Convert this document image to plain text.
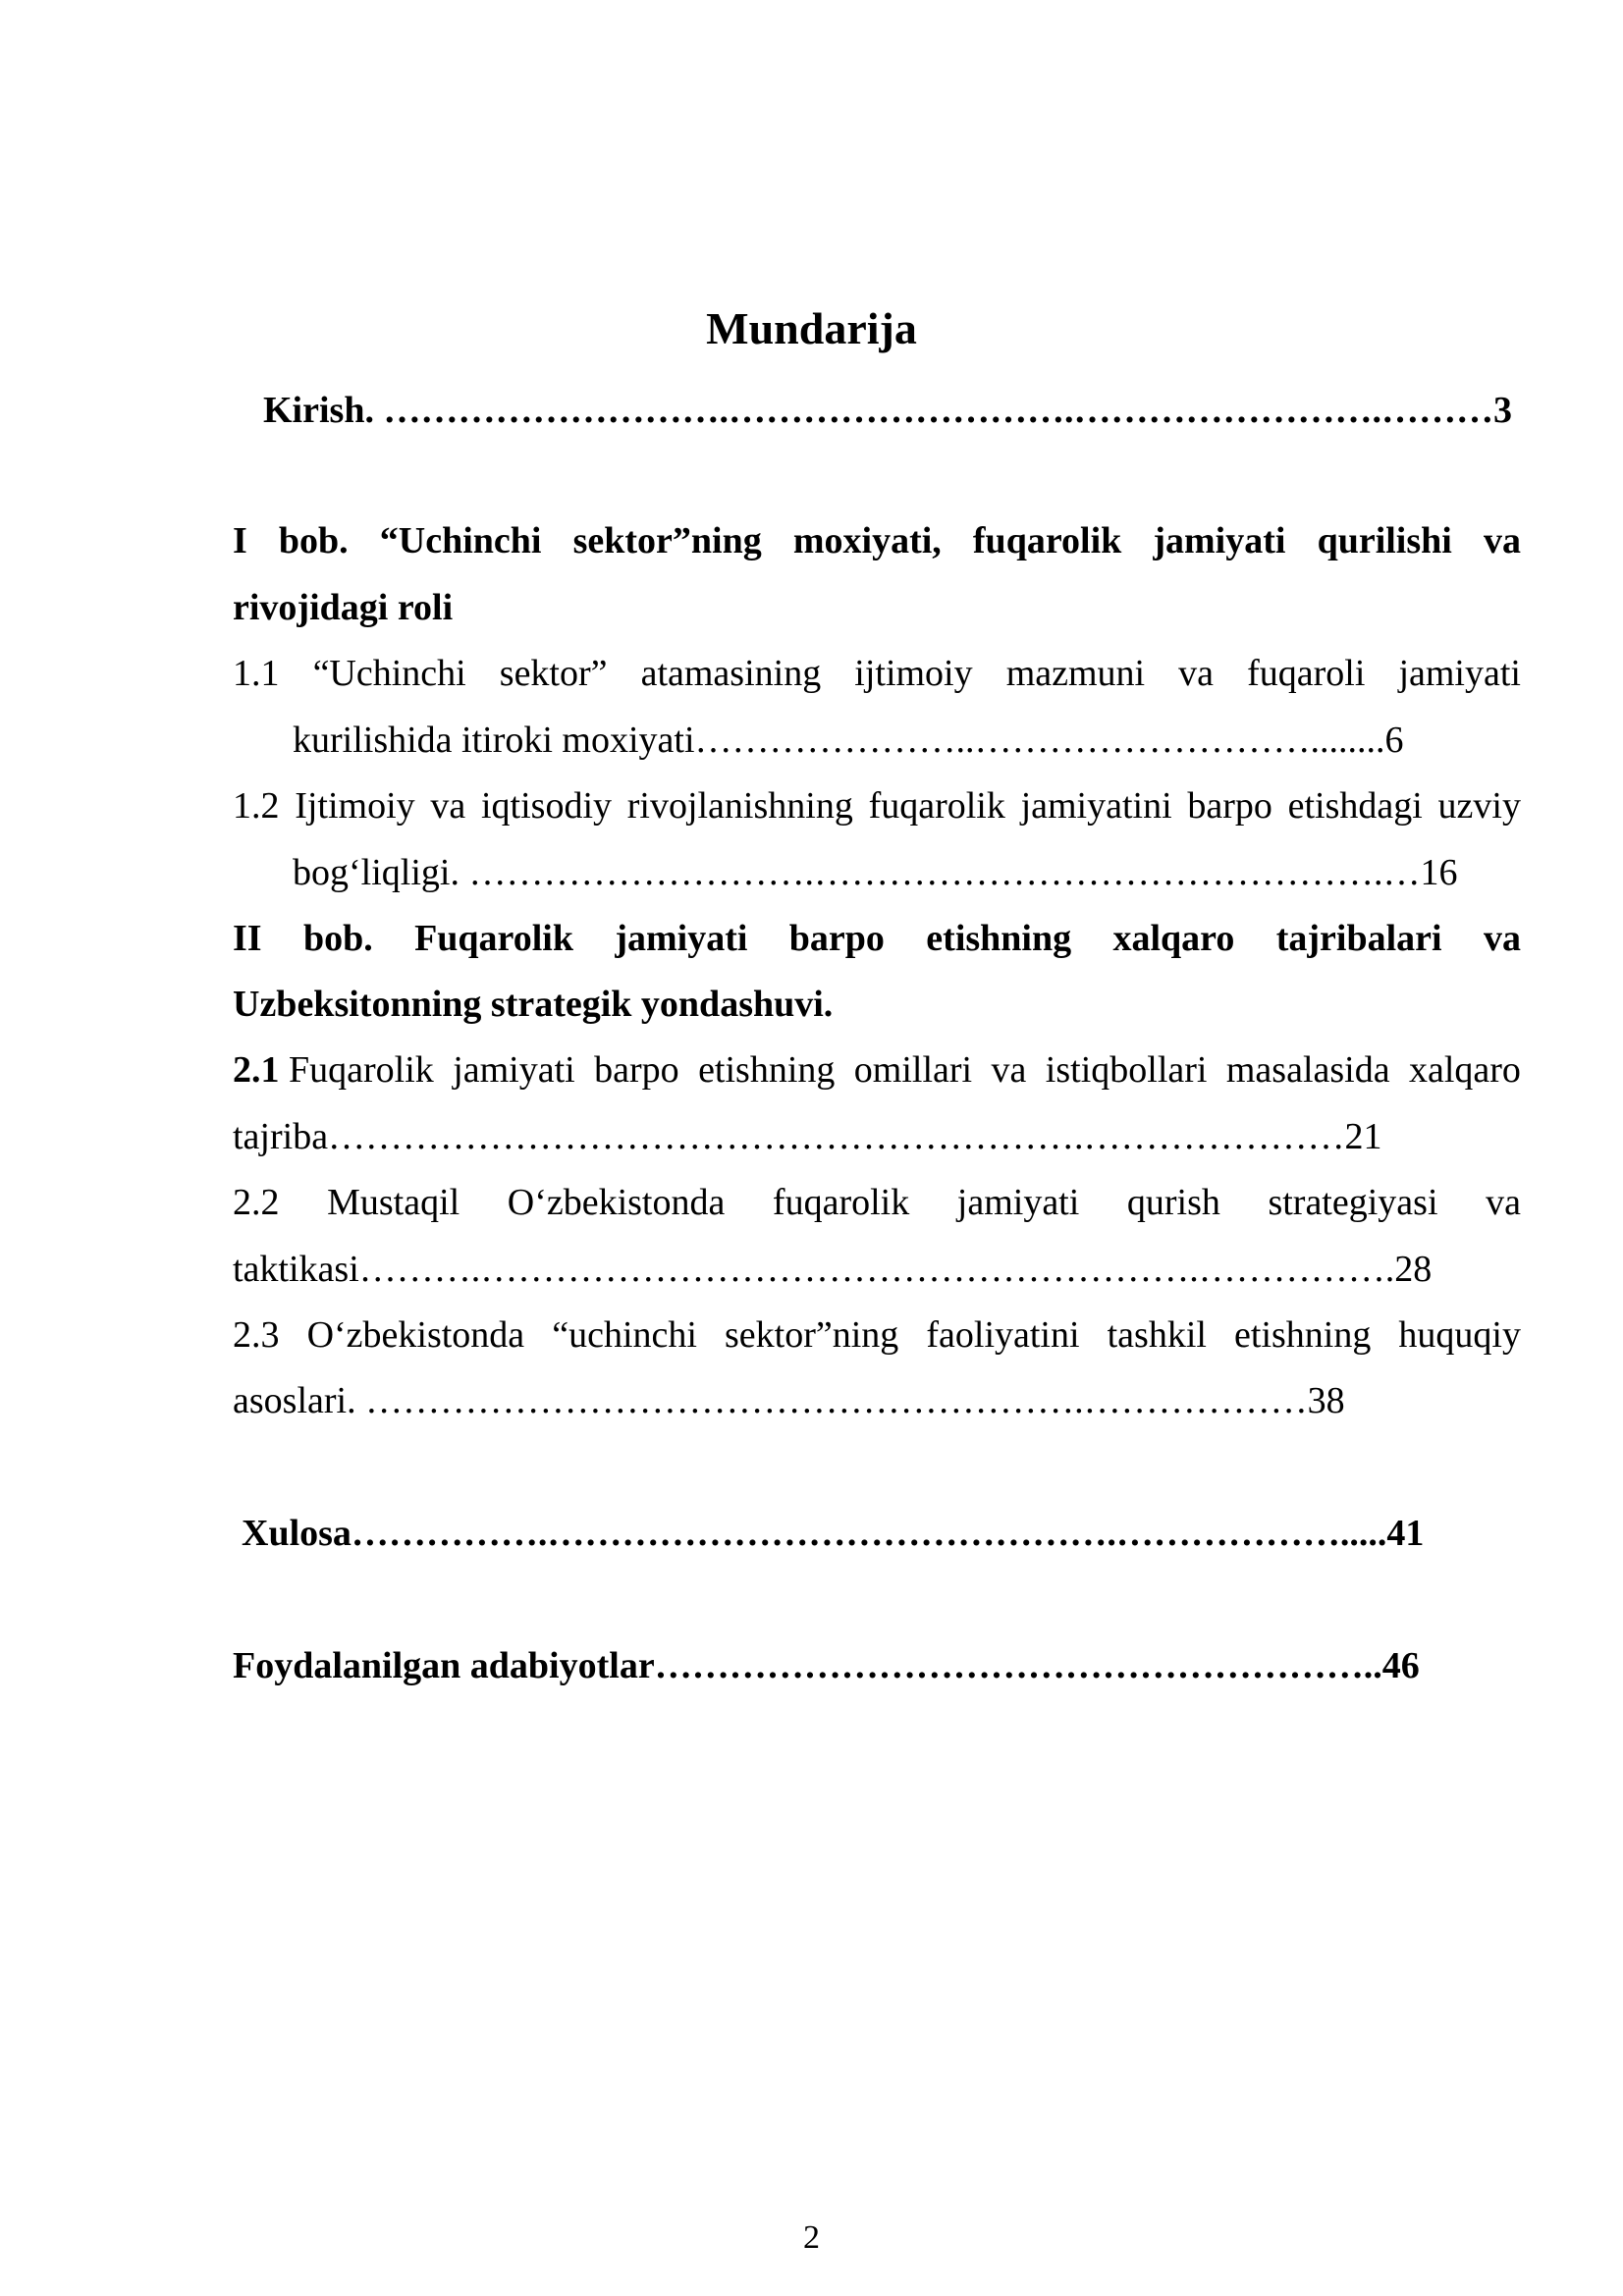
Mundarija
Kirish. ……………………….……………………….…………………….………3
I bob. “Uchinchi sektor”ning moxiyati, fuqarolik jamiyati qurilishi va
rivojidagi roli
1.1 “Uchinchi sektor” atamasining ijtimoiy mazmuni va fuqaroli jamiyati
kurilishida itiroki moxiyati…………………..………………………........6
1.2 Ijtimoiy va iqtisodiy rivojlanishning fuqarolik jamiyatini barpo etishdagi uzviy
bog‘liqligi. ……………………….……………………………………….…16
II bob. Fuqarolik jamiyati barpo etishning xalqaro tajribalari va
Uzbeksitonning strategik yondashuvi.
2.1 Fuqarolik jamiyati barpo etishning omillari va istiqbollari masalasida xalqaro
tajriba…………………………………………………….…………………21
2.2 Mustaqil O‘zbekistonda fuqarolik jamiyati qurish strategiyasi va
taktikasi……….………………………………………………….…………….28
2.3 O‘zbekistonda “uchinchi sektor”ning faoliyatini tashkil etishning huquqiy
asoslari. ………………………………………………….………………38
Xulosa…………….……………………………………….……………….....41
Foydalanilgan adabiyotlar…………………………………………………..46
2
